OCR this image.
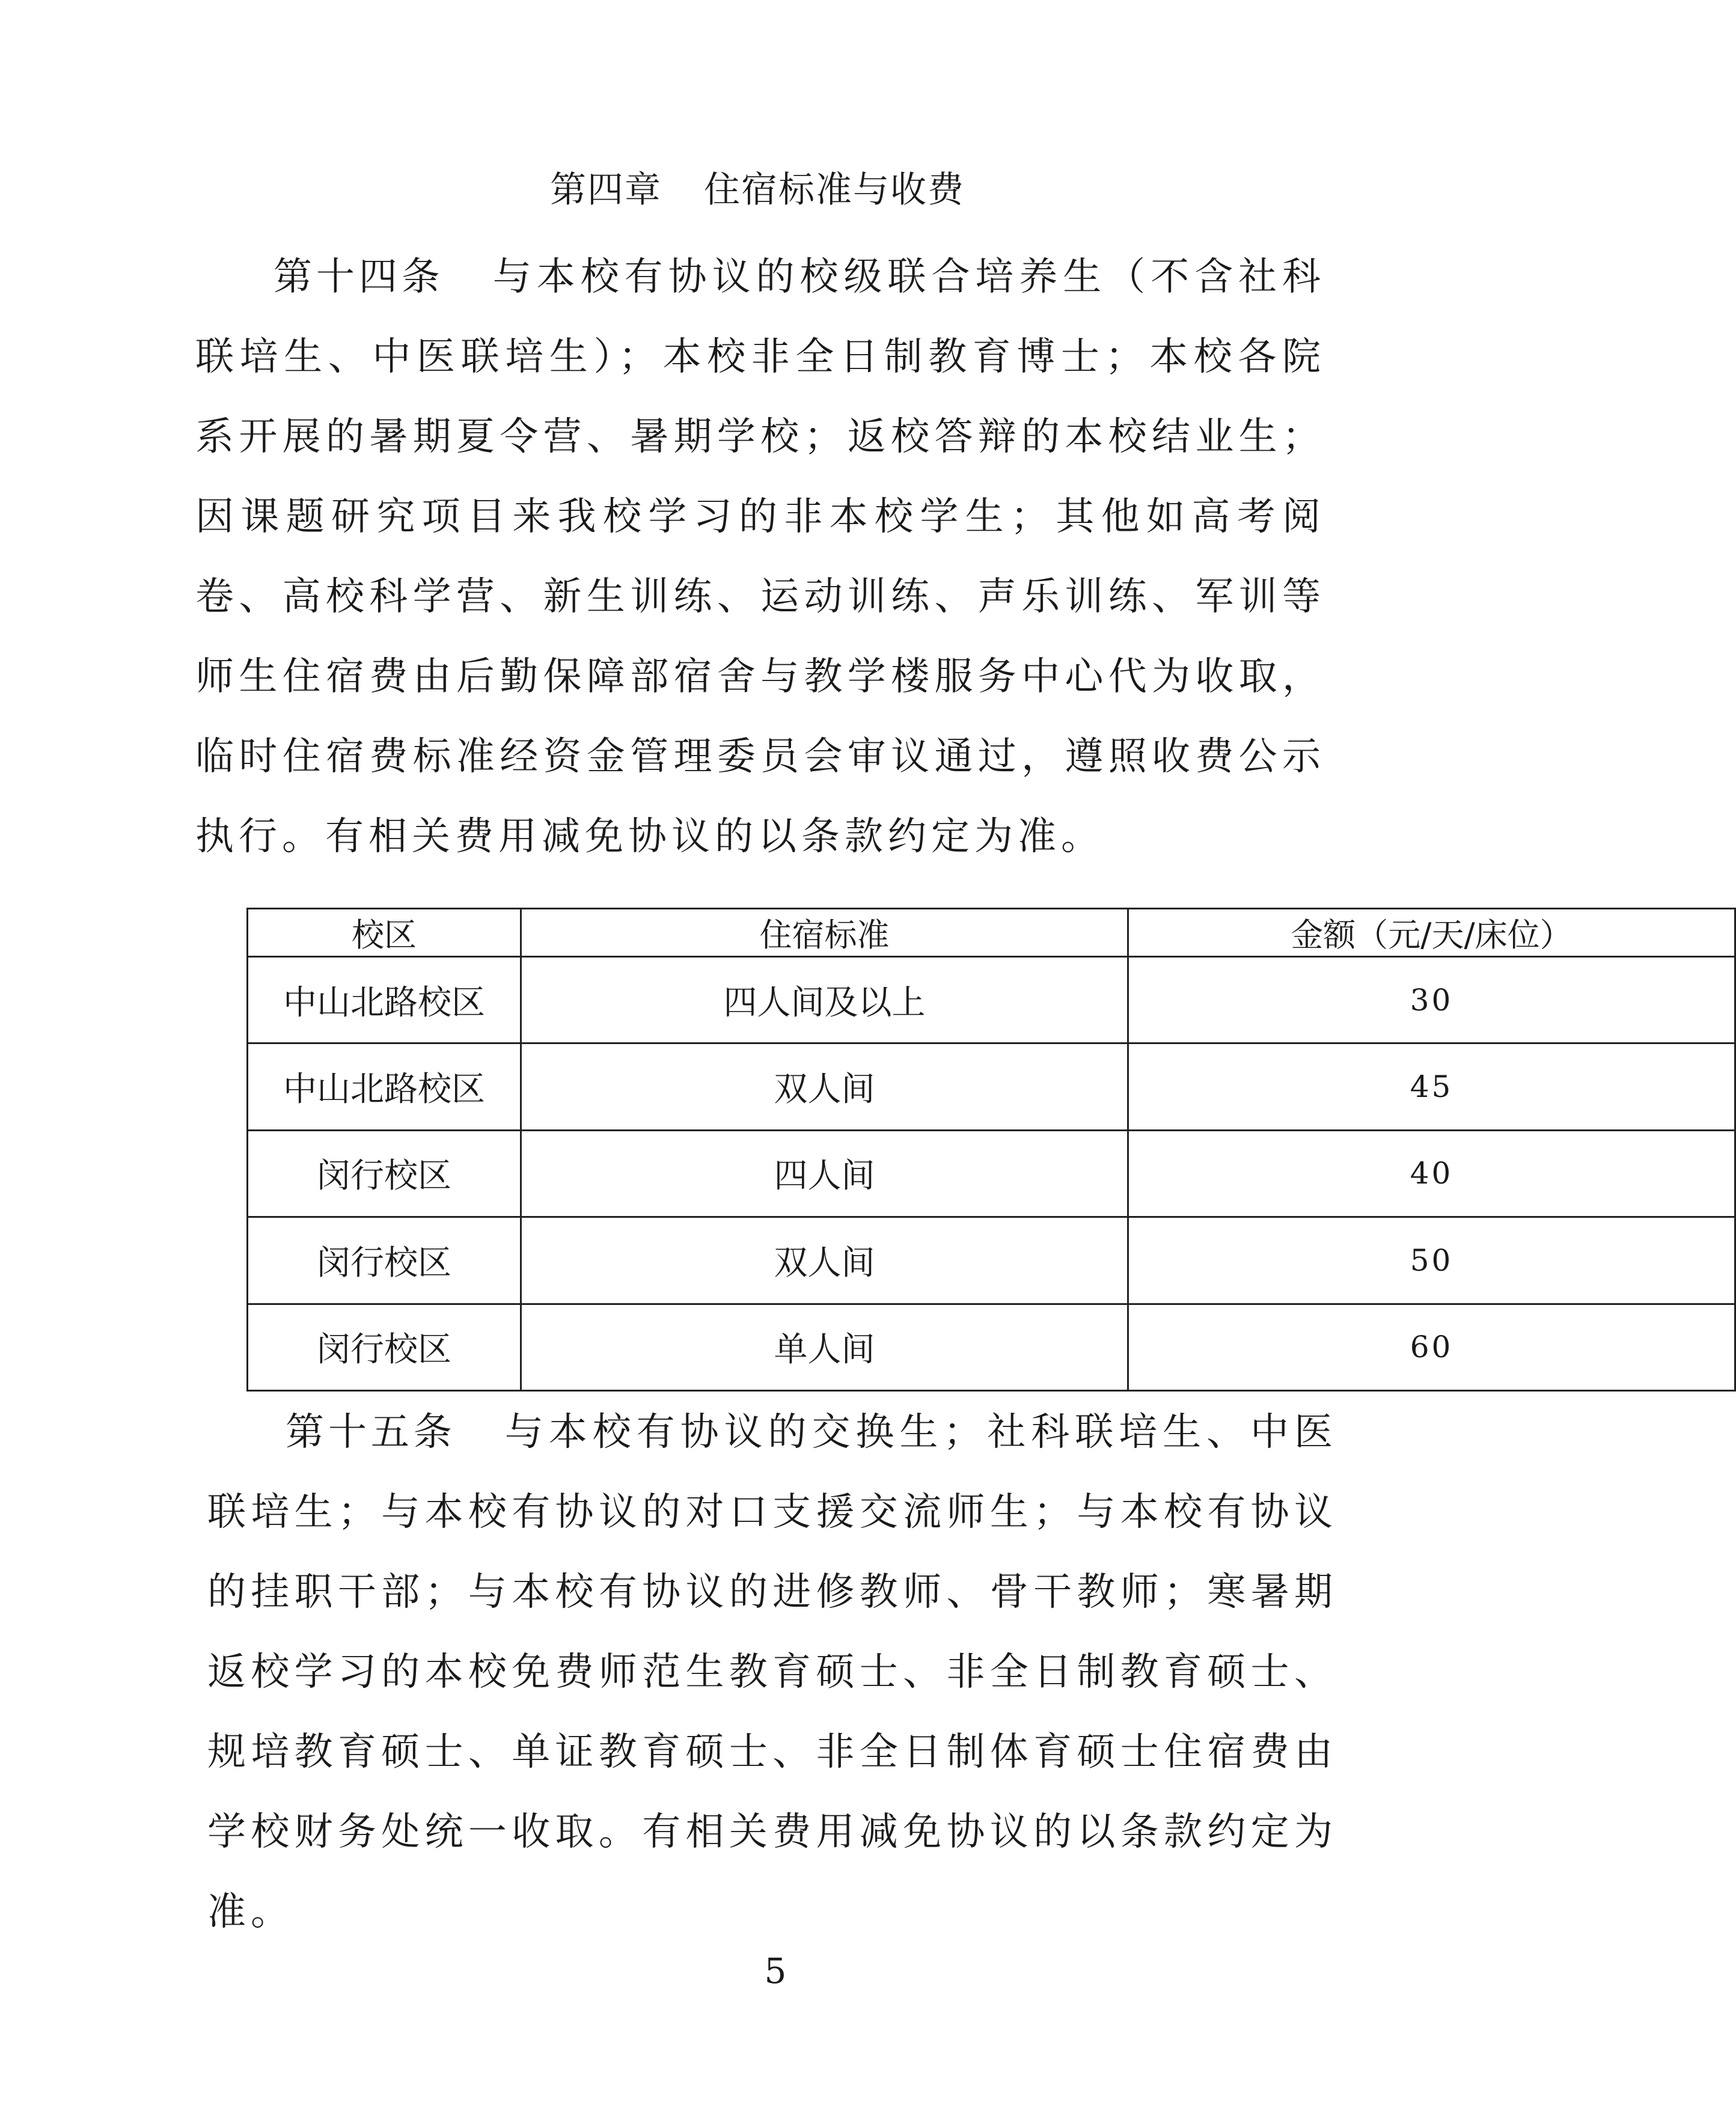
第四章 住宿标准与收费

第十四条 与本校有协议的校级联合培养生（不含社科联培生、中医联培生）；本校非全日制教育博士；本校各院系开展的暑期夏令营、暑期学校；返校答辩的本校结业生；因课题研究项目来我校学习的非本校学生；其他如高考阅卷、高校科学营、新生训练、运动训练、声乐训练、军训等师生住宿费由后勤保障部宿舍与教学楼服务中心代为收取，临时住宿费标准经资金管理委员会审议通过，遵照收费公示执行。有相关费用减免协议的以条款约定为准。

校区	住宿标准	金额（元/天/床位）
中山北路校区	四人间及以上	30
中山北路校区	双人间	45
闵行校区	四人间	40
闵行校区	双人间	50
闵行校区	单人间	60

第十五条 与本校有协议的交换生；社科联培生、中医联培生；与本校有协议的对口支援交流师生；与本校有协议的挂职干部；与本校有协议的进修教师、骨干教师；寒暑期返校学习的本校免费师范生教育硕士、非全日制教育硕士、规培教育硕士、单证教育硕士、非全日制体育硕士住宿费由学校财务处统一收取。有相关费用减免协议的以条款约定为准。

5
